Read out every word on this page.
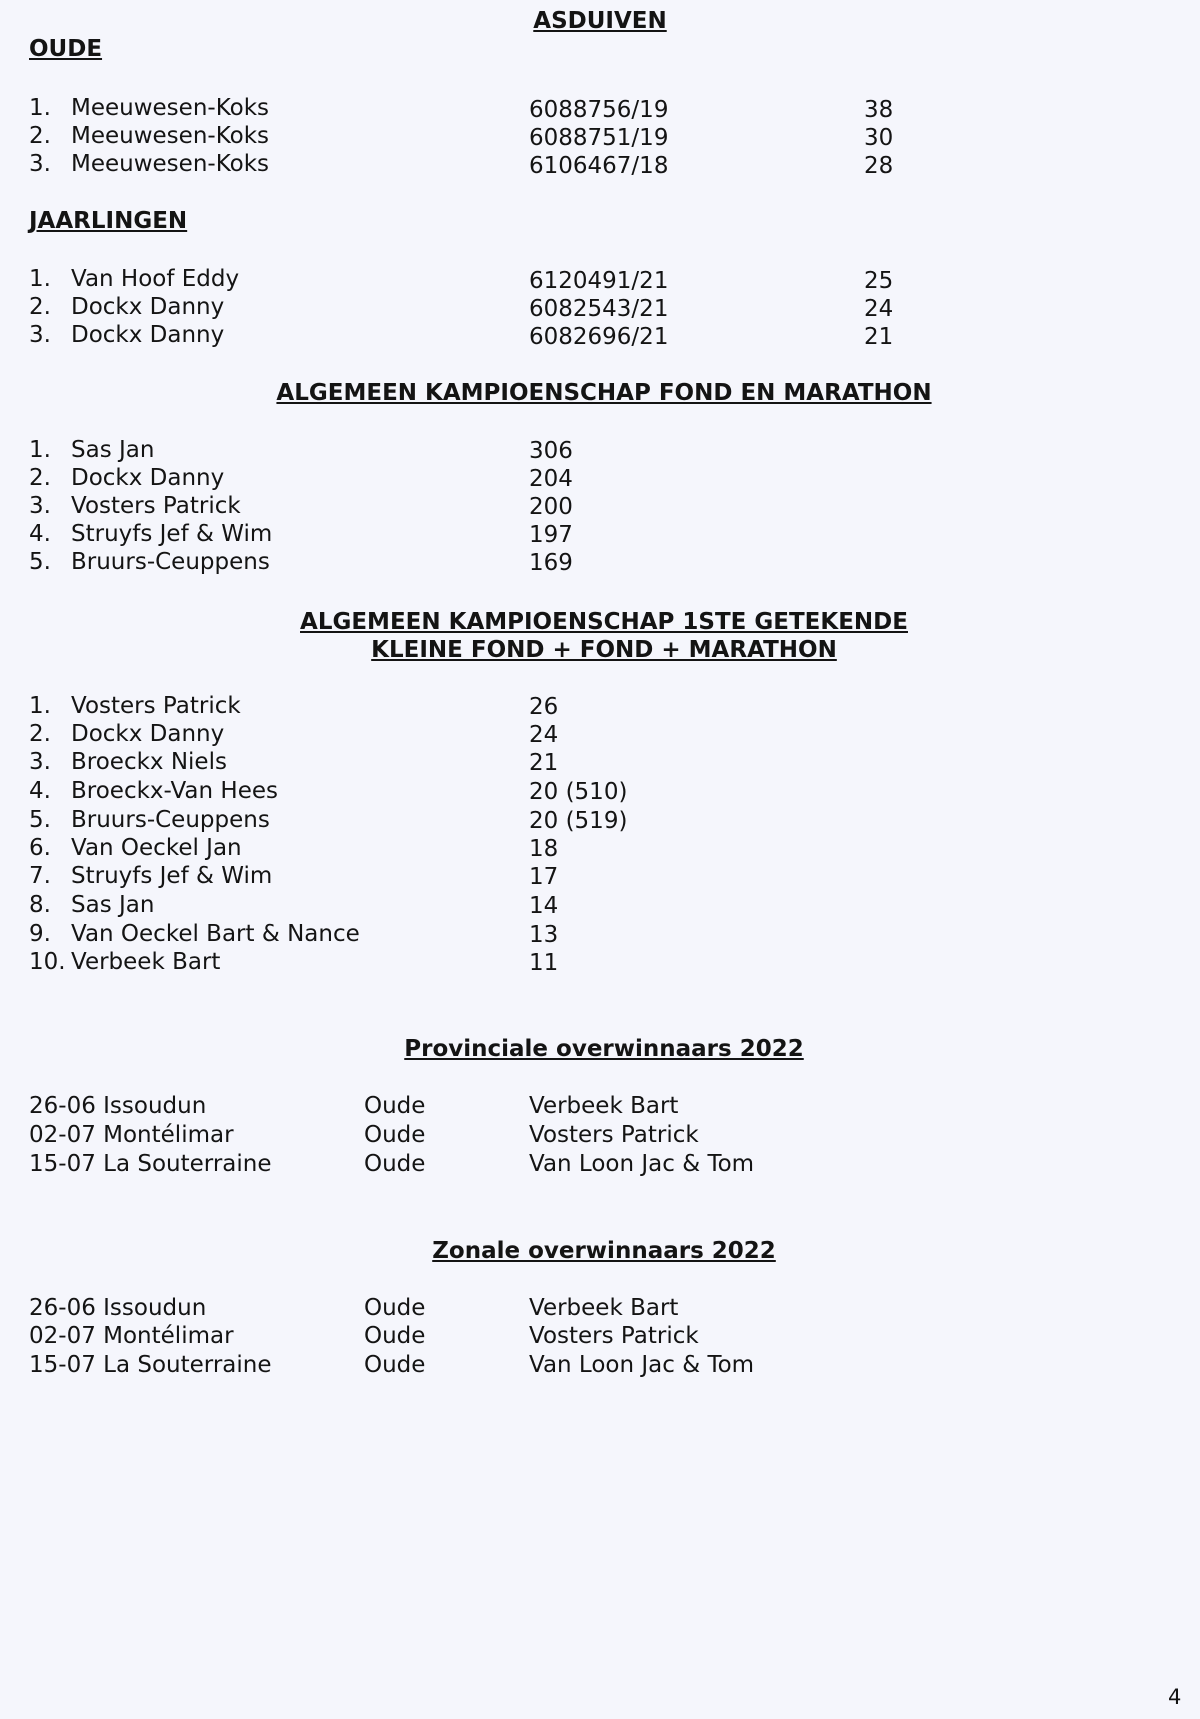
ASDUIVEN
OUDE
1. Meeuwesen-Koks	6088756/19	38
2. Meeuwesen-Koks	6088751/19	30
3. Meeuwesen-Koks	6106467/18	28
JAARLINGEN
1. Van Hoof Eddy	6120491/21	25
2. Dockx Danny	6082543/21	24
3. Dockx Danny	6082696/21	21
ALGEMEEN KAMPIOENSCHAP FOND EN MARATHON
1. Sas Jan	306
2. Dockx Danny	204
3. Vosters Patrick	200
4. Struyfs Jef & Wim	197
5. Bruurs-Ceuppens	169
ALGEMEEN KAMPIOENSCHAP 1STE GETEKENDE
KLEINE FOND + FOND + MARATHON
1. Vosters Patrick	26
2. Dockx Danny	24
3. Broeckx Niels	21
4. Broeckx-Van Hees	20 (510)
5. Bruurs-Ceuppens	20 (519)
6. Van Oeckel Jan	18
7. Struyfs Jef & Wim	17
8. Sas Jan	14
9. Van Oeckel Bart & Nance	13
10. Verbeek Bart	11
Provinciale overwinnaars 2022
26-06 Issoudun	Oude	Verbeek Bart
02-07 Montélimar	Oude	Vosters Patrick
15-07 La Souterraine	Oude	Van Loon Jac & Tom
Zonale overwinnaars 2022
26-06 Issoudun	Oude	Verbeek Bart
02-07 Montélimar	Oude	Vosters Patrick
15-07 La Souterraine	Oude	Van Loon Jac & Tom
4
